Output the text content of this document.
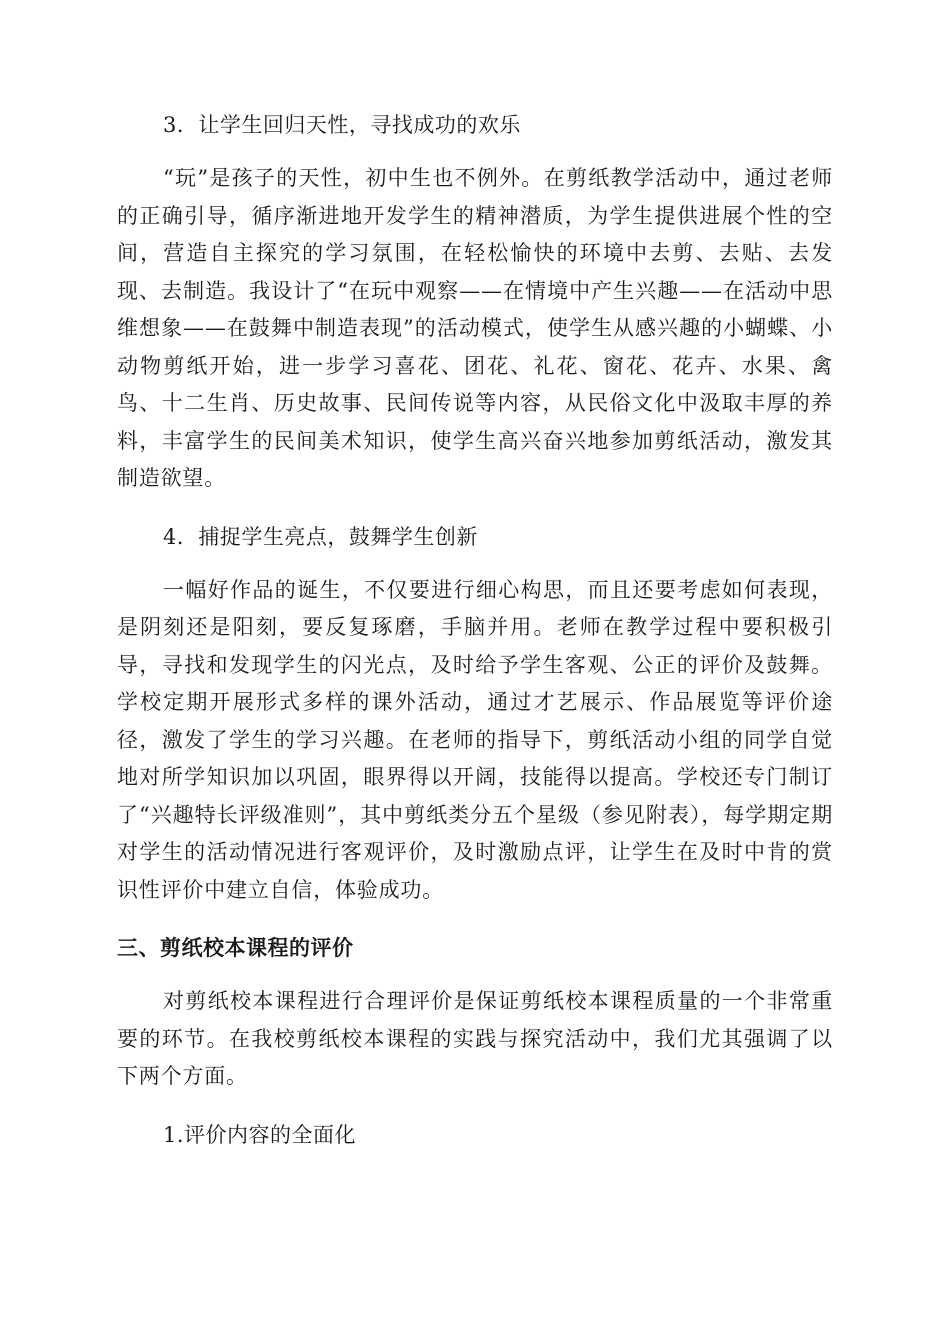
3．让学生回归天性，寻找成功的欢乐

“玩”是孩子的天性，初中生也不例外。在剪纸教学活动中，通过老师的正确引导，循序渐进地开发学生的精神潜质，为学生提供进展个性的空间，营造自主探究的学习氛围，在轻松愉快的环境中去剪、去贴、去发现、去制造。我设计了“在玩中观察——在情境中产生兴趣——在活动中思维想象——在鼓舞中制造表现”的活动模式，使学生从感兴趣的小蝴蝶、小动物剪纸开始，进一步学习喜花、团花、礼花、窗花、花卉、水果、禽鸟、十二生肖、历史故事、民间传说等内容，从民俗文化中汲取丰厚的养料，丰富学生的民间美术知识，使学生高兴奋兴地参加剪纸活动，激发其制造欲望。

4．捕捉学生亮点，鼓舞学生创新

一幅好作品的诞生，不仅要进行细心构思，而且还要考虑如何表现，是阴刻还是阳刻，要反复琢磨，手脑并用。老师在教学过程中要积极引导，寻找和发现学生的闪光点，及时给予学生客观、公正的评价及鼓舞。学校定期开展形式多样的课外活动，通过才艺展示、作品展览等评价途径，激发了学生的学习兴趣。在老师的指导下，剪纸活动小组的同学自觉地对所学知识加以巩固，眼界得以开阔，技能得以提高。学校还专门制订了“兴趣特长评级准则”，其中剪纸类分五个星级（参见附表），每学期定期对学生的活动情况进行客观评价，及时激励点评，让学生在及时中肯的赏识性评价中建立自信，体验成功。

三、剪纸校本课程的评价

对剪纸校本课程进行合理评价是保证剪纸校本课程质量的一个非常重要的环节。在我校剪纸校本课程的实践与探究活动中，我们尤其强调了以下两个方面。

1.评价内容的全面化
